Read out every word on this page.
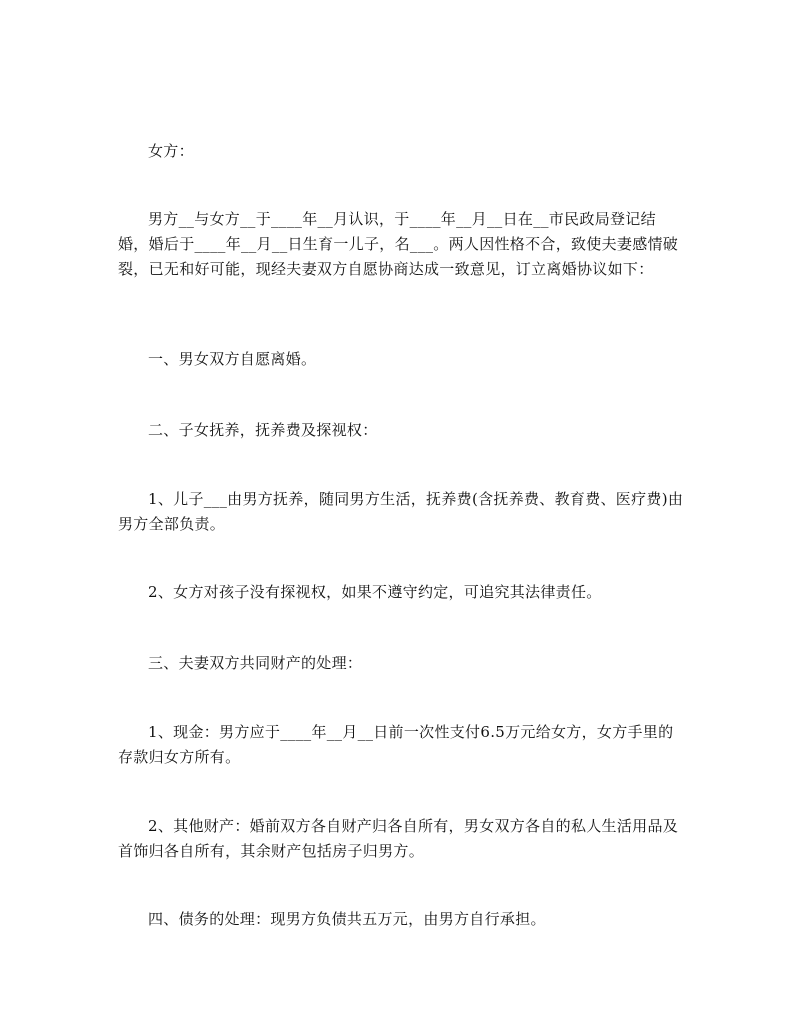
女方：

男方__与女方__于____年__月认识，于____年__月__日在__市民政局登记结婚，婚后于____年__月__日生育一儿子，名___。两人因性格不合，致使夫妻感情破裂，已无和好可能，现经夫妻双方自愿协商达成一致意见，订立离婚协议如下：

一、男女双方自愿离婚。

二、子女抚养，抚养费及探视权：

1、儿子___由男方抚养，随同男方生活，抚养费(含抚养费、教育费、医疗费)由男方全部负责。

2、女方对孩子没有探视权，如果不遵守约定，可追究其法律责任。

三、夫妻双方共同财产的处理：

1、现金：男方应于____年__月__日前一次性支付6.5万元给女方，女方手里的存款归女方所有。

2、其他财产：婚前双方各自财产归各自所有，男女双方各自的私人生活用品及首饰归各自所有，其余财产包括房子归男方。

四、债务的处理：现男方负债共五万元，由男方自行承担。
